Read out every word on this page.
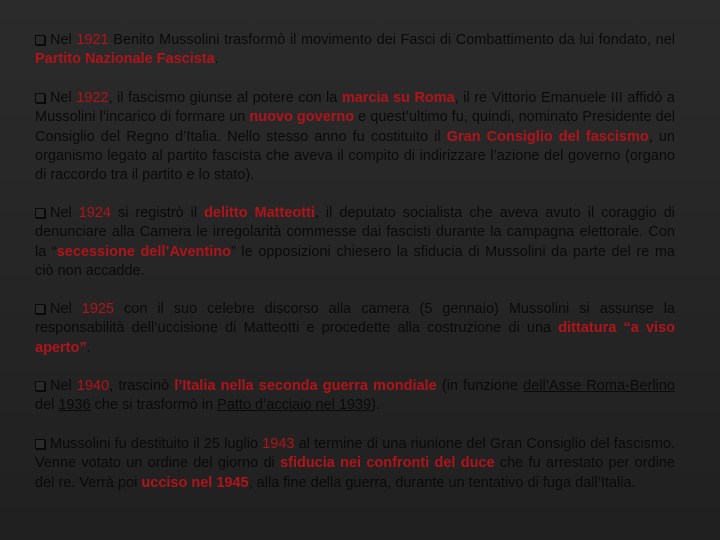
Nel 1921 Benito Mussolini trasformò il movimento dei Fasci di Combattimento da lui fondato, nel Partito Nazionale Fascista.
Nel 1922, il fascismo giunse al potere con la marcia su Roma, il re Vittorio Emanuele III affidò a Mussolini l’incarico di formare un nuovo governo e quest’ultimo fu, quindi, nominato Presidente del Consiglio del Regno d’Italia. Nello stesso anno fu costituito il Gran Consiglio del fascismo, un organismo legato al partito fascista che aveva il compito di indirizzare l’azione del governo (organo di raccordo tra il partito e lo stato).
Nel 1924 si registrò il delitto Matteotti, il deputato socialista che aveva avuto il coraggio di denunciare alla Camera le irregolarità commesse dai fascisti durante la campagna elettorale. Con la “secessione dell’Aventino” le opposizioni chiesero la sfiducia di Mussolini da parte del re ma ciò non accadde.
Nel 1925 con il suo celebre discorso alla camera (5 gennaio) Mussolini si assunse la responsabilità dell’uccisione di Matteotti e procedette alla costruzione di una dittatura “a viso aperto”.
Nel 1940, trascinò l’Italia nella seconda guerra mondiale (in funzione dell’Asse Roma-Berlino del 1936 che si trasformò in Patto d’acciaio nel 1939).
Mussolini fu destituito il 25 luglio 1943 al termine di una riunione del Gran Consiglio del fascismo. Venne votato un ordine del giorno di sfiducia nei confronti del duce che fu arrestato per ordine del re. Verrà poi ucciso nel 1945, alla fine della guerra, durante un tentativo di fuga dall’Italia.
